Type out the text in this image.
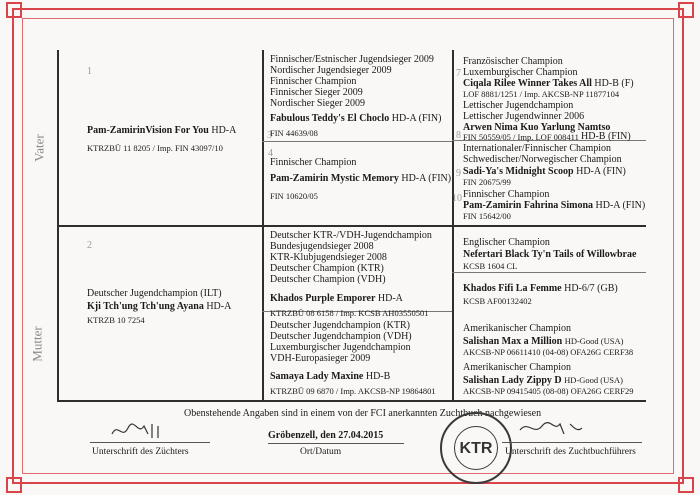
Vater
Mutter
1
2
3
4
7
8
9
10
Pam-ZamirinVision For You HD-A
KTRZBÜ 11 8205 / Imp. FIN 43097/10
Deutscher Jugendchampion (ILT)
Kji Tch'ung Tch'ung Ayana HD-A
KTRZB 10 7254
Finnischer/Estnischer Jugendsieger 2009
Nordischer Jugendsieger 2009
Finnischer Champion
Finnischer Sieger 2009
Nordischer Sieger 2009
Fabulous Teddy's El Choclo HD-A (FIN)
FIN 44639/08
Finnischer Champion
Pam-Zamirin Mystic Memory HD-A (FIN)
FIN 10620/05
Deutscher KTR-/VDH-Jugendchampion
Bundesjugendsieger 2008
KTR-Klubjugendsieger 2008
Deutscher Champion (KTR)
Deutscher Champion (VDH)
Khados Purple Emporer HD-A
KTRZBÜ 08 6158 / Imp. KCSB AH03550501
Deutscher Jugendchampion (KTR)
Deutscher Jugendchampion (VDH)
Luxemburgischer Jugendchampion
VDH-Europasieger 2009
Samaya Lady Maxine HD-B
KTRZBÜ 09 6870 / Imp. AKCSB-NP 19864801
Französischer Champion
Luxemburgischer Champion
Ciqala Rilee Winner Takes All HD-B (F)
LOF 8881/1251 / Imp. AKCSB-NP 11877104
Lettischer Jugendchampion
Lettischer Jugendwinner 2006
Arwen Nima Kuo Yarlung Namtso
FIN 50559/05 / Imp. LOF 008411 HD-B (FIN)
Internationaler/Finnischer Champion
Schwedischer/Norwegischer Champion
Sadi-Ya's Midnight Scoop HD-A (FIN)
FIN 20675/99
Finnischer Champion
Pam-Zamirin Fahrina Simona HD-A (FIN)
FIN 15642/00
Englischer Champion
Nefertari Black Ty'n Tails of Willowbrae
KCSB 1604 CL
Khados Fifi La Femme HD-6/7 (GB)
KCSB AF00132402
Amerikanischer Champion
Salishan Max a Million HD-Good (USA)
AKCSB-NP 06611410 (04-08) OFA26G CERF38
Amerikanischer Champion
Salishan Lady Zippy D HD-Good (USA)
AKCSB-NP 09415405 (08-08) OFA26G CERF29
Obenstehende Angaben sind in einem von der FCI anerkannten Zuchtbuch nachgewiesen
Unterschrift des Züchters
Gröbenzell, den 27.04.2015
Ort/Datum	KTR	Unterschrift des Zuchtbuchführers
